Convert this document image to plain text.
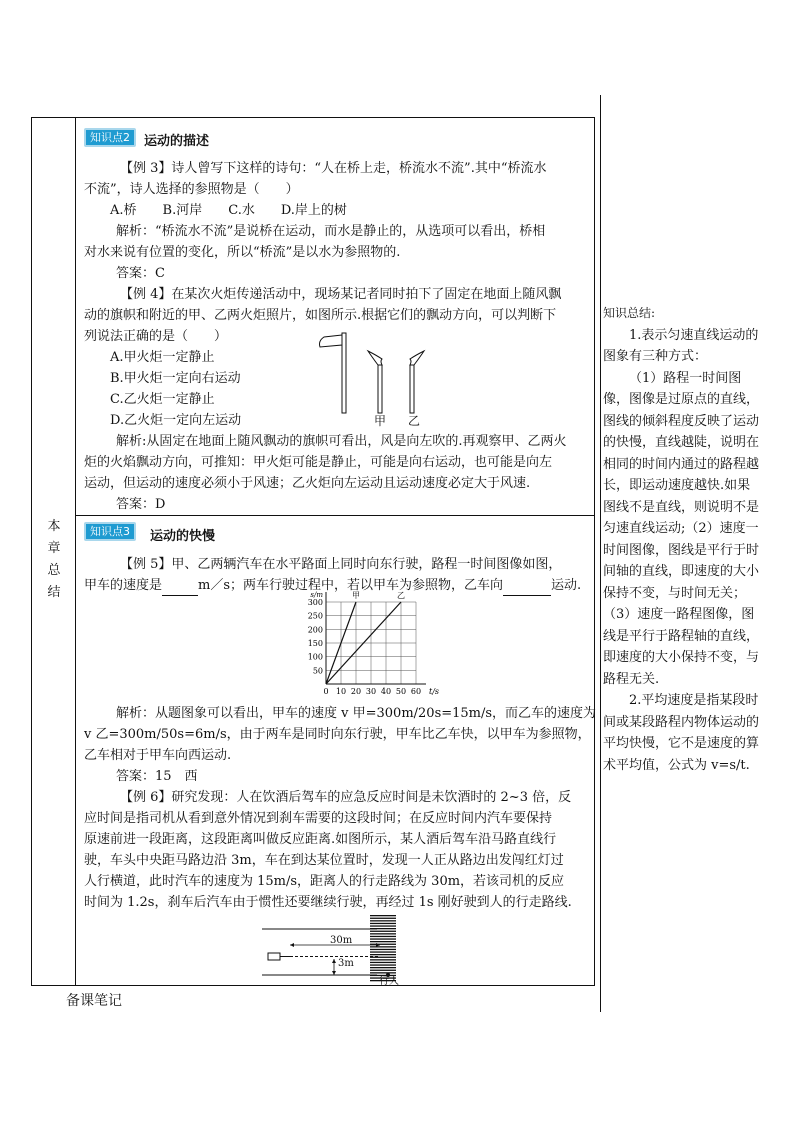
本
章
总
结
知识点2	运动的描述
【例 3】诗人曾写下这样的诗句：“人在桥上走，桥流水不流”.其中“桥流水
不流”，诗人选择的参照物是（　　）
A.桥　　B.河岸　　C.水　　D.岸上的树
解析：“桥流水不流”是说桥在运动，而水是静止的，从选项可以看出，桥相
对水来说有位置的变化，所以“桥流”是以水为参照物的.
答案：C
【例 4】在某次火炬传递活动中，现场某记者同时拍下了固定在地面上随风飘
动的旗帜和附近的甲、乙两火炬照片，如图所示.根据它们的飘动方向，可以判断下
列说法正确的是（　　）
A.甲火炬一定静止
B.甲火炬一定向右运动
C.乙火炬一定静止
D.乙火炬一定向左运动	甲 乙
解析:从固定在地面上随风飘动的旗帜可看出，风是向左吹的.再观察甲、乙两火
炬的火焰飘动方向，可推知：甲火炬可能是静止，可能是向右运动，也可能是向左
运动，但运动的速度必须小于风速；乙火炬向左运动且运动速度必定大于风速.
答案：D
知识点3	运动的快慢
【例 5】甲、乙两辆汽车在水平路面上同时向东行驶，路程一时间图像如图，
甲车的速度是	m／s；两车行驶过程中，若以甲车为参照物，乙车向	运动.
0 10 20 30 40 50 60
50
100
150
200
250
300
t/s
s/m	甲	乙
解析：从题图象可以看出，甲车的速度 v 甲=300m/20s=15m/s，而乙车的速度为
v 乙=300m/50s=6m/s，由于两车是同时向东行驶，甲车比乙车快，以甲车为参照物，
乙车相对于甲车向西运动.
答案：15　西
【例 6】研究发现：人在饮酒后驾车的应急反应时间是未饮酒时的 2~3 倍，反
应时间是指司机从看到意外情况到刹车需要的这段时间；在反应时间内汽车要保持
原速前进一段距离，这段距离叫做反应距离.如图所示，某人酒后驾车沿马路直线行
驶，车头中央距马路边沿 3m，车在到达某位置时，发现一人正从路边出发闯红灯过
人行横道，此时汽车的速度为 15m/s，距离人的行走路线为 30m，若该司机的反应
时间为 1.2s，刹车后汽车由于惯性还要继续行驶，再经过 1s 刚好驶到人的行走路线.
30m
3m
行人

知识总结:

1.表示匀速直线运动的图象有三种方式：

（1）路程一时间图像，图像是过原点的直线，图线的倾斜程度反映了运动的快慢，直线越陡，说明在相同的时间内通过的路程越长，即运动速度越快.如果图线不是直线，则说明不是匀速直线运动;（2）速度一时间图像，图线是平行于时间轴的直线，即速度的大小保持不变，与时间无关；（3）速度一路程图像，图线是平行于路程轴的直线，即速度的大小保持不变，与路程无关.

2.平均速度是指某段时间或某段路程内物体运动的平均快慢，它不是速度的算术平均值，公式为 v=s/t.

备课笔记
